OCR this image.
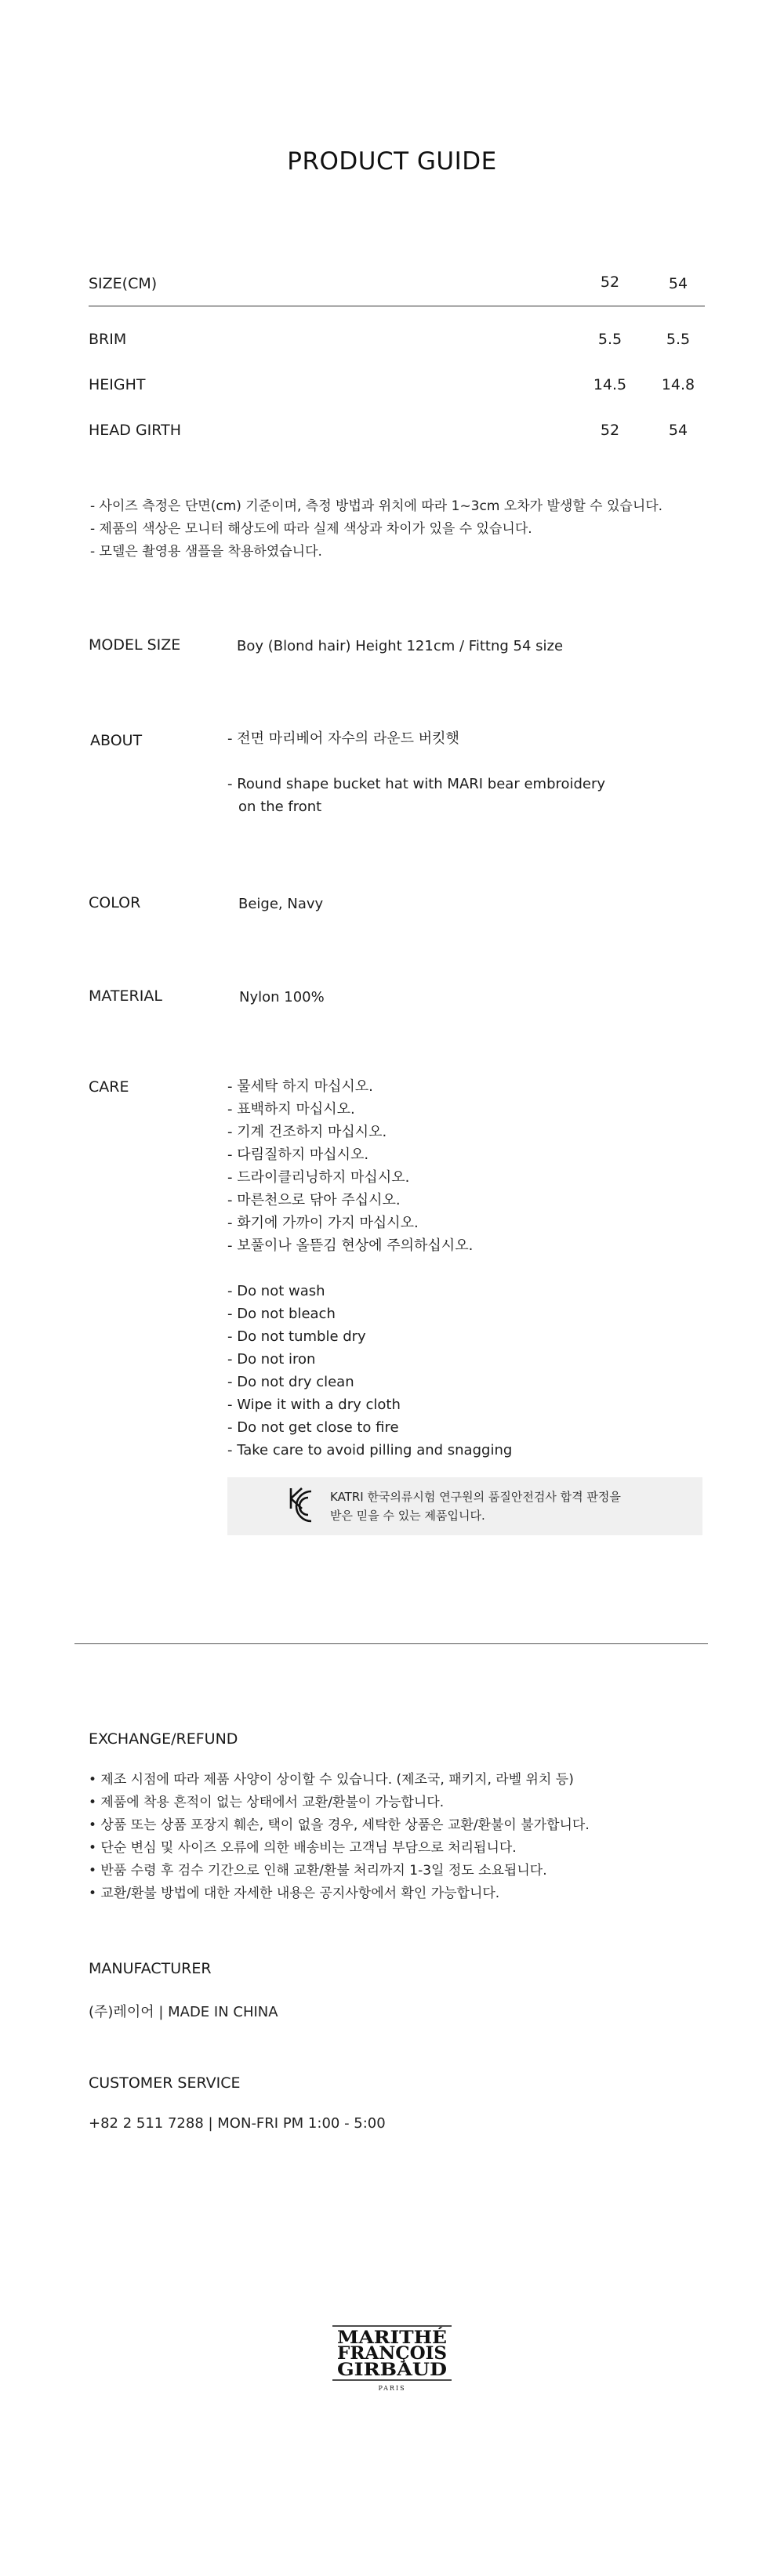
PRODUCT GUIDE
SIZE(CM)	52	54
BRIM	5.5	5.5
HEIGHT	14.5	14.8
HEAD GIRTH	52	54
- 사이즈 측정은 단면(cm) 기준이며, 측정 방법과 위치에 따라 1~3cm 오차가 발생할 수 있습니다.
- 제품의 색상은 모니터 해상도에 따라 실제 색상과 차이가 있을 수 있습니다.
- 모델은 촬영용 샘플을 착용하였습니다.
MODEL SIZE	Boy (Blond hair) Height 121cm / Fittng 54 size
ABOUT	- 전면 마리베어 자수의 라운드 버킷햇
- Round shape bucket hat with MARI bear embroidery
on the front
COLOR	Beige, Navy
MATERIAL	Nylon 100%
CARE	- 물세탁 하지 마십시오.
- 표백하지 마십시오.
- 기계 건조하지 마십시오.
- 다림질하지 마십시오.
- 드라이클리닝하지 마십시오.
- 마른천으로 닦아 주십시오.
- 화기에 가까이 가지 마십시오.
- 보풀이나 올뜯김 현상에 주의하십시오.
- Do not wash
- Do not bleach
- Do not tumble dry
- Do not iron
- Do not dry clean
- Wipe it with a dry cloth
- Do not get close to fire
- Take care to avoid pilling and snagging
KATRI 한국의류시험 연구원의 품질안전검사 합격 판정을
받은 믿을 수 있는 제품입니다.
EXCHANGE/REFUND
• 제조 시점에 따라 제품 사양이 상이할 수 있습니다. (제조국, 패키지, 라벨 위치 등)
• 제품에 착용 흔적이 없는 상태에서 교환/환불이 가능합니다.
• 상품 또는 상품 포장지 훼손, 택이 없을 경우, 세탁한 상품은 교환/환불이 불가합니다.
• 단순 변심 및 사이즈 오류에 의한 배송비는 고객님 부담으로 처리됩니다.
• 반품 수령 후 검수 기간으로 인해 교환/환불 처리까지 1-3일 정도 소요됩니다.
• 교환/환불 방법에 대한 자세한 내용은 공지사항에서 확인 가능합니다.
MANUFACTURER
(주)레이어 | MADE IN CHINA
CUSTOMER SERVICE
+82 2 511 7288 | MON-FRI PM 1:00 - 5:00
MARITHÉ
FRANÇOIS
GIRBAUD
PARIS
